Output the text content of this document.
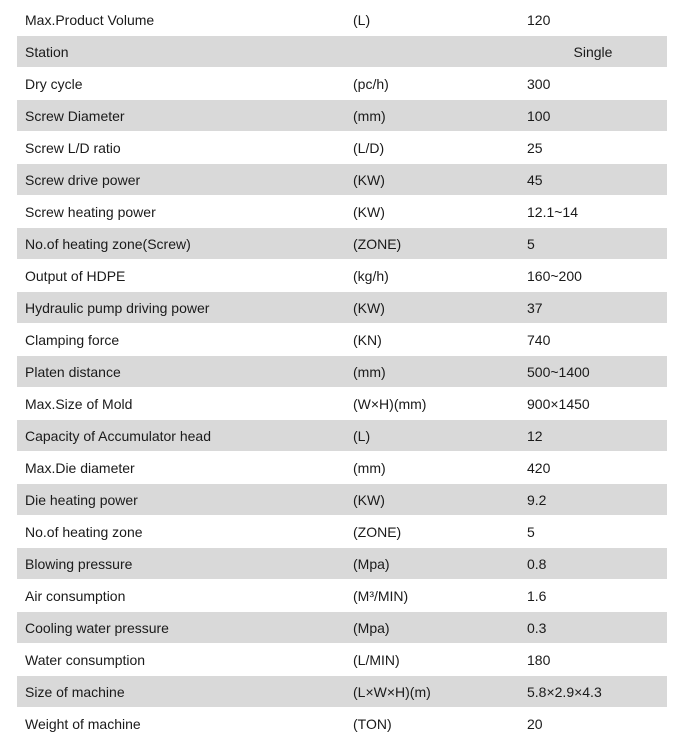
Max.Product Volume	(L)	120
Station		Single
Dry cycle	(pc/h)	300
Screw Diameter	(mm)	100
Screw L/D ratio	(L/D)	25
Screw drive power	(KW)	45
Screw heating power	(KW)	12.1~14
No.of heating zone(Screw)	(ZONE)	5
Output of HDPE	(kg/h)	160~200
Hydraulic pump driving power	(KW)	37
Clamping force	(KN)	740
Platen distance	(mm)	500~1400
Max.Size of Mold	(W×H)(mm)	900×1450
Capacity of Accumulator head	(L)	12
Max.Die diameter	(mm)	420
Die heating power	(KW)	9.2
No.of heating zone	(ZONE)	5
Blowing pressure	(Mpa)	0.8
Air consumption	(M³/MIN)	1.6
Cooling water pressure	(Mpa)	0.3
Water consumption	(L/MIN)	180
Size of machine	(L×W×H)(m)	5.8×2.9×4.3
Weight of machine	(TON)	20
